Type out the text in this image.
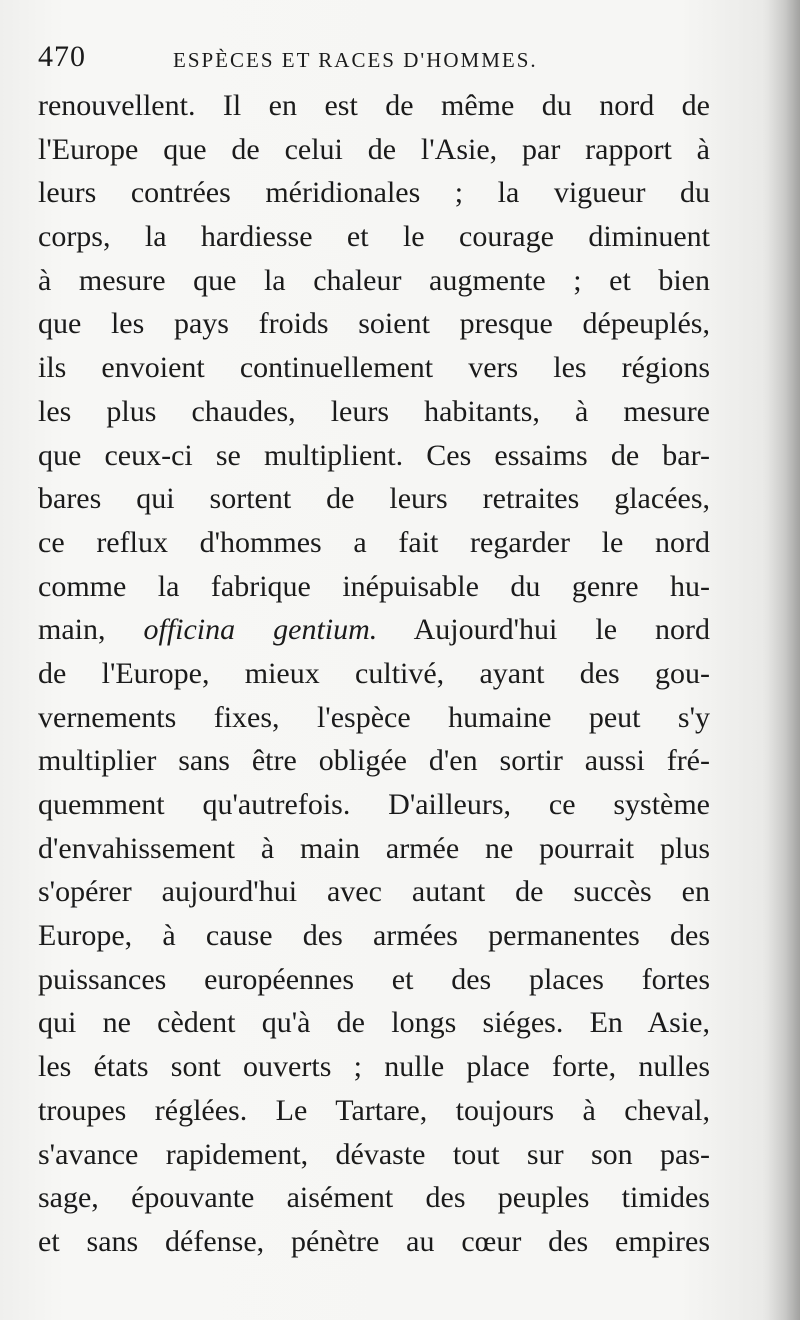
470	ESPÈCES ET RACES D'HOMMES.
renouvellent. Il en est de même du nord de
l'Europe que de celui de l'Asie, par rapport à
leurs contrées méridionales ; la vigueur du
corps, la hardiesse et le courage diminuent
à mesure que la chaleur augmente ; et bien
que les pays froids soient presque dépeuplés,
ils envoient continuellement vers les régions
les plus chaudes, leurs habitants, à mesure
que ceux-ci se multiplient. Ces essaims de bar-
bares qui sortent de leurs retraites glacées,
ce reflux d'hommes a fait regarder le nord
comme la fabrique inépuisable du genre hu-
main, officina gentium. Aujourd'hui le nord
de l'Europe, mieux cultivé, ayant des gou-
vernements fixes, l'espèce humaine peut s'y
multiplier sans être obligée d'en sortir aussi fré-
quemment qu'autrefois. D'ailleurs, ce système
d'envahissement à main armée ne pourrait plus
s'opérer aujourd'hui avec autant de succès en
Europe, à cause des armées permanentes des
puissances européennes et des places fortes
qui ne cèdent qu'à de longs siéges. En Asie,
les états sont ouverts ; nulle place forte, nulles
troupes réglées. Le Tartare, toujours à cheval,
s'avance rapidement, dévaste tout sur son pas-
sage, épouvante aisément des peuples timides
et sans défense, pénètre au cœur des empires
